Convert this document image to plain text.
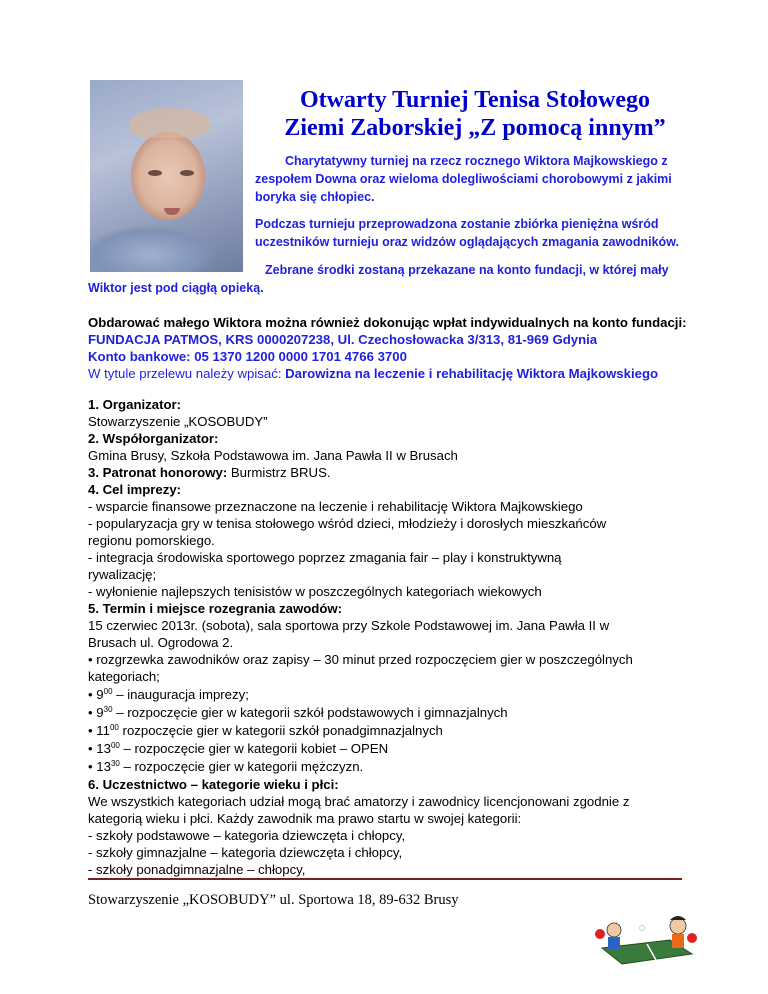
Otwarty Turniej Tenisa Stołowego
Ziemi Zaborskiej „Z pomocą innym”
Charytatywny turniej na rzecz rocznego Wiktora Majkowskiego z zespołem Downa oraz wieloma dolegliwościami chorobowymi z jakimi boryka się chłopiec.
Podczas turnieju przeprowadzona zostanie zbiórka pieniężna wśród uczestników turnieju oraz widzów oglądających zmagania zawodników.
Zebrane środki zostaną przekazane na konto fundacji, w której mały
Wiktor jest pod ciągłą opieką.
Obdarować małego Wiktora można również dokonując wpłat indywidualnych na konto fundacji:
FUNDACJA PATMOS, KRS 0000207238, Ul. Czechosłowacka 3/313, 81-969 Gdynia
Konto bankowe: 05 1370 1200 0000 1701 4766 3700
W tytule przelewu należy wpisać: Darowizna na leczenie i rehabilitację Wiktora Majkowskiego
1. Organizator:
Stowarzyszenie „KOSOBUDY”
2. Współorganizator:
Gmina Brusy, Szkoła Podstawowa im. Jana Pawła II w Brusach
3. Patronat honorowy: Burmistrz BRUS.
4. Cel imprezy:
- wsparcie finansowe przeznaczone na leczenie i rehabilitację Wiktora Majkowskiego
- popularyzacja gry w tenisa stołowego wśród dzieci, młodzieży i dorosłych mieszkańców
regionu pomorskiego.
- integracja środowiska sportowego poprzez zmagania fair – play i konstruktywną
rywalizację;
- wyłonienie najlepszych tenisistów w poszczególnych kategoriach wiekowych
5. Termin i miejsce rozegrania zawodów:
15 czerwiec 2013r. (sobota), sala sportowa przy Szkole Podstawowej im. Jana Pawła II w
Brusach ul. Ogrodowa 2.
• rozgrzewka zawodników oraz zapisy – 30 minut przed rozpoczęciem gier w poszczególnych
kategoriach;
• $9^{00}$ – inauguracja imprezy;
• $9^{30}$ – rozpoczęcie gier w kategorii szkół podstawowych i gimnazjalnych
• $11^{00}$ rozpoczęcie gier w kategorii szkół ponadgimnazjalnych
• $13^{00}$ – rozpoczęcie gier w kategorii kobiet – OPEN
• $13^{30}$ – rozpoczęcie gier w kategorii mężczyzn.
6. Uczestnictwo – kategorie wieku i płci:
We wszystkich kategoriach udział mogą brać amatorzy i zawodnicy licencjonowani zgodnie z
kategorią wieku i płci. Każdy zawodnik ma prawo startu w swojej kategorii:
- szkoły podstawowe – kategoria dziewczęta i chłopcy,
- szkoły gimnazjalne – kategoria dziewczęta i chłopcy,
- szkoły ponadgimnazjalne – chłopcy,
Stowarzyszenie „KOSOBUDY” ul. Sportowa 18, 89-632 Brusy
